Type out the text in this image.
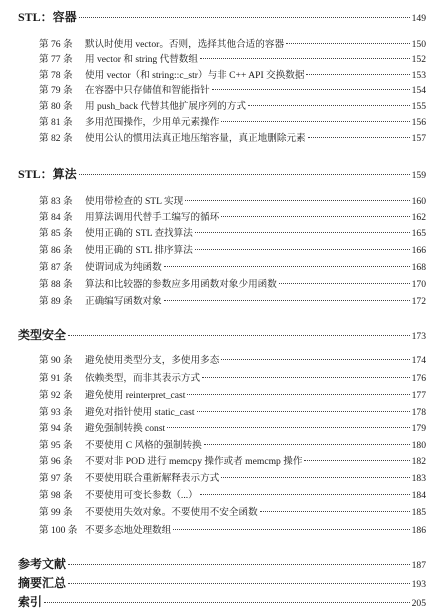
STL：容器	149
第 76 条	默认时使用 vector。否则，选择其他合适的容器	150
第 77 条	用 vector 和 string 代替数组	152
第 78 条	使用 vector（和 string::c_str）与非 C++ API 交换数据	153
第 79 条	在容器中只存储值和智能指针	154
第 80 条	用 push_back 代替其他扩展序列的方式	155
第 81 条	多用范围操作，少用单元素操作	156
第 82 条	使用公认的惯用法真正地压缩容量，真正地删除元素	157
STL：算法	159
第 83 条	使用带检查的 STL 实现	160
第 84 条	用算法调用代替手工编写的循环	162
第 85 条	使用正确的 STL 查找算法	165
第 86 条	使用正确的 STL 排序算法	166
第 87 条	使谓词成为纯函数	168
第 88 条	算法和比较器的参数应多用函数对象少用函数	170
第 89 条	正确编写函数对象	172
类型安全	173
第 90 条	避免使用类型分支，多使用多态	174
第 91 条	依赖类型，而非其表示方式	176
第 92 条	避免使用 reinterpret_cast	177
第 93 条	避免对指针使用 static_cast	178
第 94 条	避免强制转换 const	179
第 95 条	不要使用 C 风格的强制转换	180
第 96 条	不要对非 POD 进行 memcpy 操作或者 memcmp 操作	182
第 97 条	不要使用联合重新解释表示方式	183
第 98 条	不要使用可变长参数（...）	184
第 99 条	不要使用失效对象。不要使用不安全函数	185
第 100 条 不要多态地处理数组	186
参考文献	187
摘要汇总	193
索引	205
